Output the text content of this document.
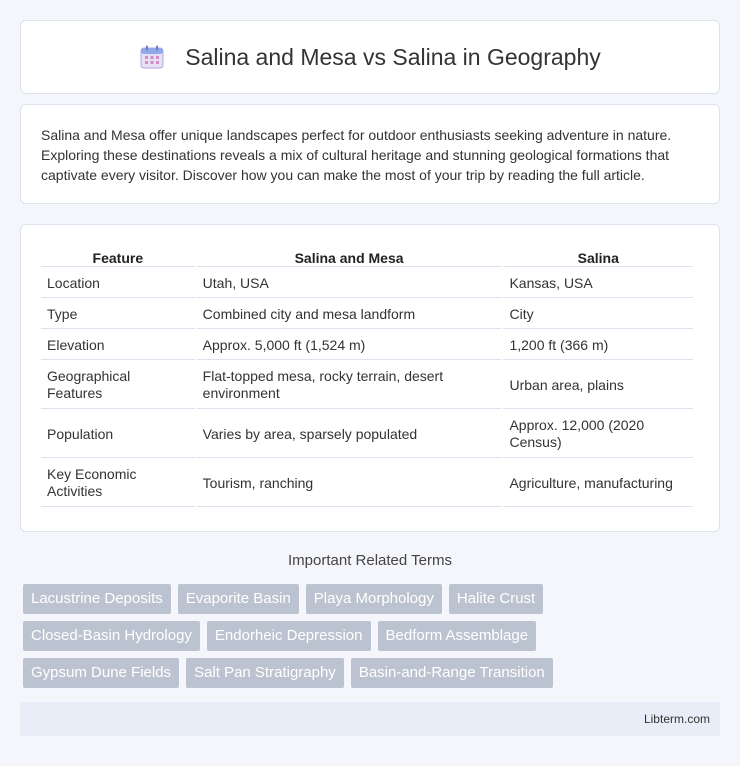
Salina and Mesa vs Salina in Geography

Salina and Mesa offer unique landscapes perfect for outdoor enthusiasts seeking adventure in nature. Exploring these destinations reveals a mix of cultural heritage and stunning geological formations that captivate every visitor. Discover how you can make the most of your trip by reading the full article.

Feature	Salina and Mesa	Salina
Location	Utah, USA	Kansas, USA
Type	Combined city and mesa landform	City
Elevation	Approx. 5,000 ft (1,524 m)	1,200 ft (366 m)
Geographical Features	Flat-topped mesa, rocky terrain, desert environment	Urban area, plains
Population	Varies by area, sparsely populated	Approx. 12,000 (2020 Census)
Key Economic Activities	Tourism, ranching	Agriculture, manufacturing
Important Related Terms
Lacustrine Deposits	Evaporite Basin	Playa Morphology	Halite Crust
Closed-Basin Hydrology	Endorheic Depression	Bedform Assemblage
Gypsum Dune Fields	Salt Pan Stratigraphy	Basin-and-Range Transition
Libterm.com
